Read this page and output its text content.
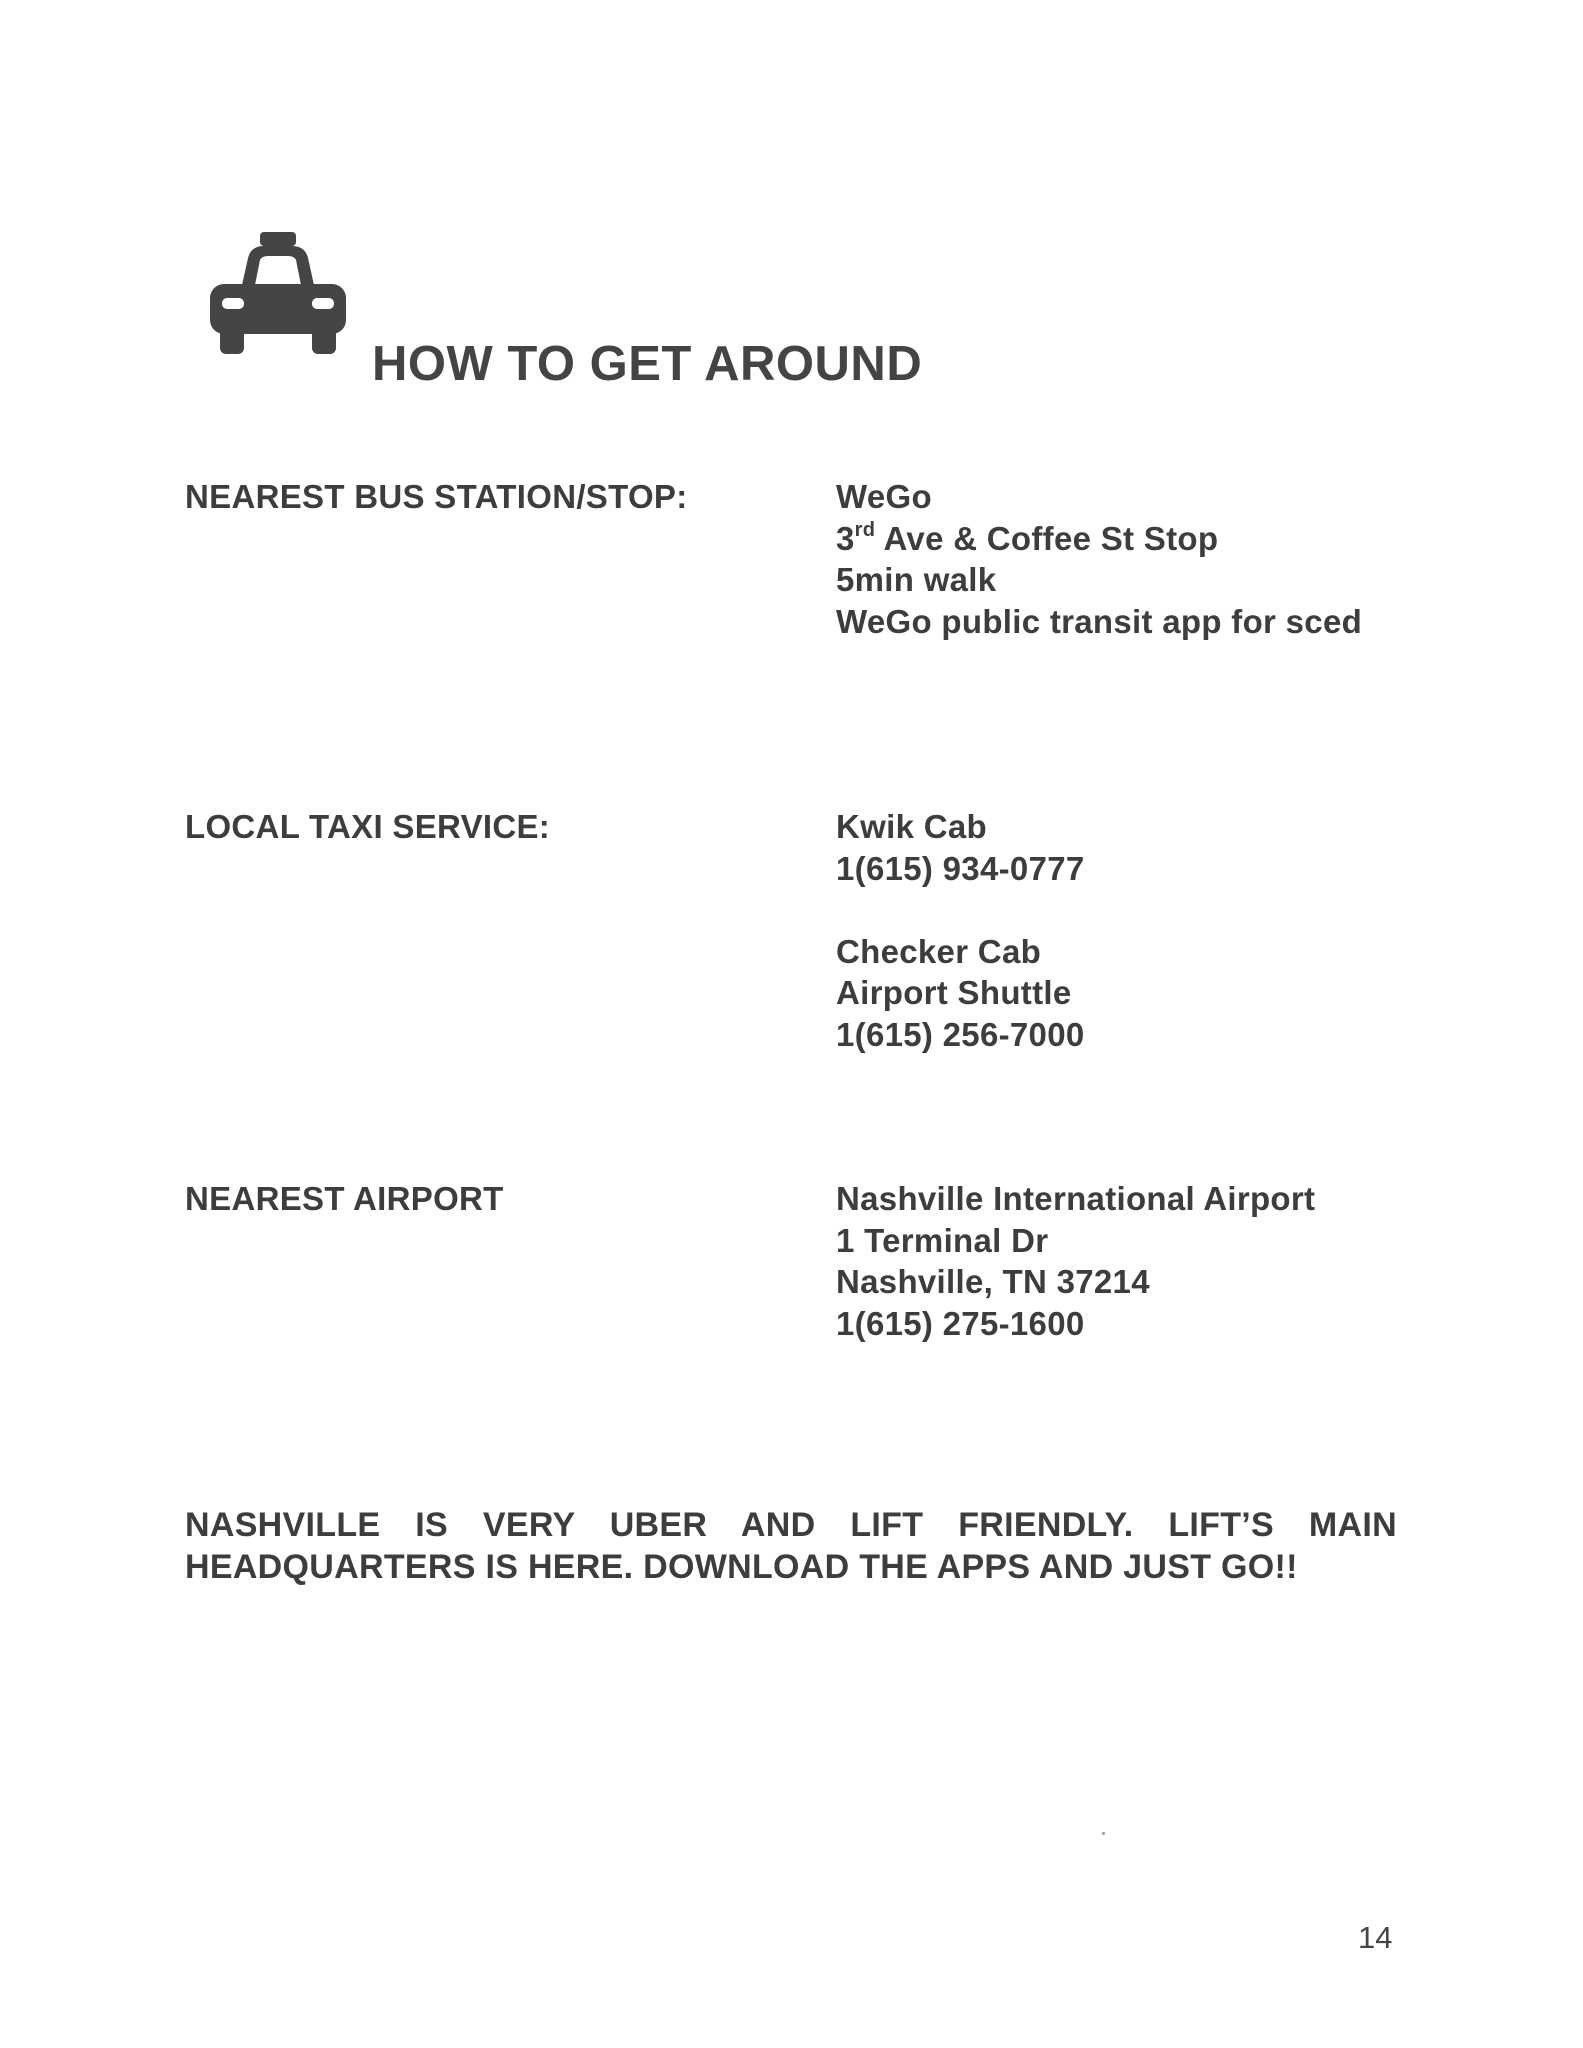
HOW TO GET AROUND
NEAREST BUS STATION/STOP:	WeGo
3rd Ave & Coffee St Stop
5min walk
WeGo public transit app for sced
LOCAL TAXI SERVICE:	Kwik Cab
1(615) 934-0777
Checker Cab
Airport Shuttle
1(615) 256-7000
NEAREST AIRPORT	Nashville International Airport
1 Terminal Dr
Nashville, TN 37214
1(615) 275-1600
NASHVILLE IS VERY UBER AND LIFT FRIENDLY. LIFT’S MAIN
HEADQUARTERS IS HERE. DOWNLOAD THE APPS AND JUST GO!!
14
